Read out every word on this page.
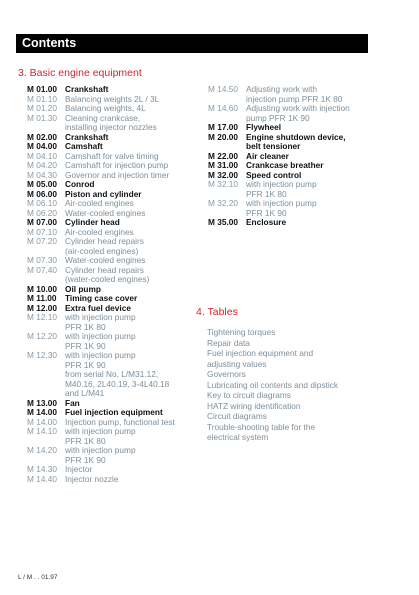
Contents
3. Basic engine equipment
M 01.00 Crankshaft
M 01.10 Balancing weights 2L / 3L
M 01.20 Balancing weights, 4L
M 01.30 Cleaning crankcase,
installing injector nozzles
M 02.00 Crankshaft
M 04.00 Camshaft
M 04.10 Camshaft for valve timing
M 04.20 Camshaft for injection pump
M 04.30 Governor and injection timer
M 05.00 Conrod
M 06.00 Piston and cylinder
M 06.10 Air-cooled engines
M 06.20 Water-cooled engines
M 07.00 Cylinder head
M 07.10 Air-cooled engines
M 07.20 Cylinder head repairs
(air-cooled engines)
M 07.30 Water-cooled engines
M 07.40 Cylinder head repairs
(water-cooled engines)
M 10.00 Oil pump
M 11.00	Timing case cover
M 12.00 Extra fuel device
M 12.10 with injection pump
PFR 1K 80
M 12.20 with injection pump
PFR 1K 90
M 12.30 with injection pump
PFR 1K 90
from serial No. L/M31.12,
M40.16, 2L40.19, 3-4L40.18
and L/M41
M 13.00 Fan
M 14.00 Fuel injection equipment
M 14.00 Injection pump, functional test
M 14.10 with injection pump
PFR 1K 80
M 14.20 with injection pump
PFR 1K 90
M 14.30 Injector
M 14.40 Injector nozzle
M 14.50 Adjusting work with
injection pump PFR 1K 80
M 14.60 Adjusting work with injection
pump PFR 1K 90
M 17.00 Flywheel
M 20.00 Engine shutdown device,
belt tensioner
M 22.00 Air cleaner
M 31.00 Crankcase breather
M 32.00 Speed control
M 32.10 with injection pump
PFR 1K 80
M 32.20 with injection pump
PFR 1K 90
M 35.00 Enclosure
4. Tables
Tightening torques
Repair data
Fuel injection equipment and
adjusting values
Governors
Lubricating oil contents and dipstick
Key to circuit diagrams
HATZ wiring identification
Circuit diagrams
Trouble-shooting table for the
electrical system
L / M . . 01.97
